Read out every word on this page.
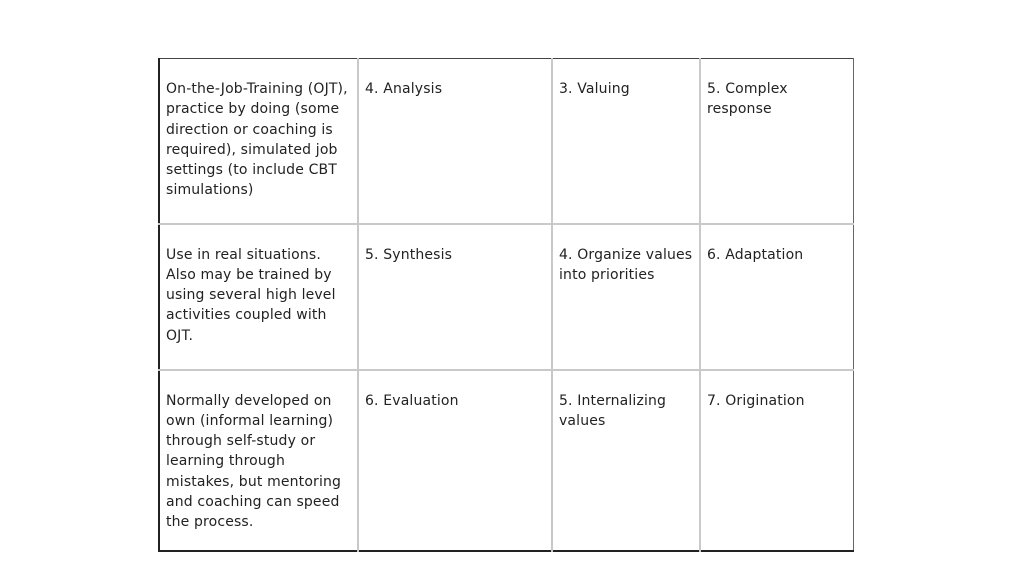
On-the-Job-Training (OJT), practice by doing (some direction or coaching is required), simulated job settings (to include CBT simulations)	4. Analysis	3. Valuing	5. Complex response
Use in real situations. Also may be trained by using several high level activities coupled with OJT.	5. Synthesis	4. Organize values into priorities	6. Adaptation
Normally developed on own (informal learning) through self-study or learning through mistakes, but mentoring and coaching can speed the process.	6. Evaluation	5. Internalizing values	7. Origination
